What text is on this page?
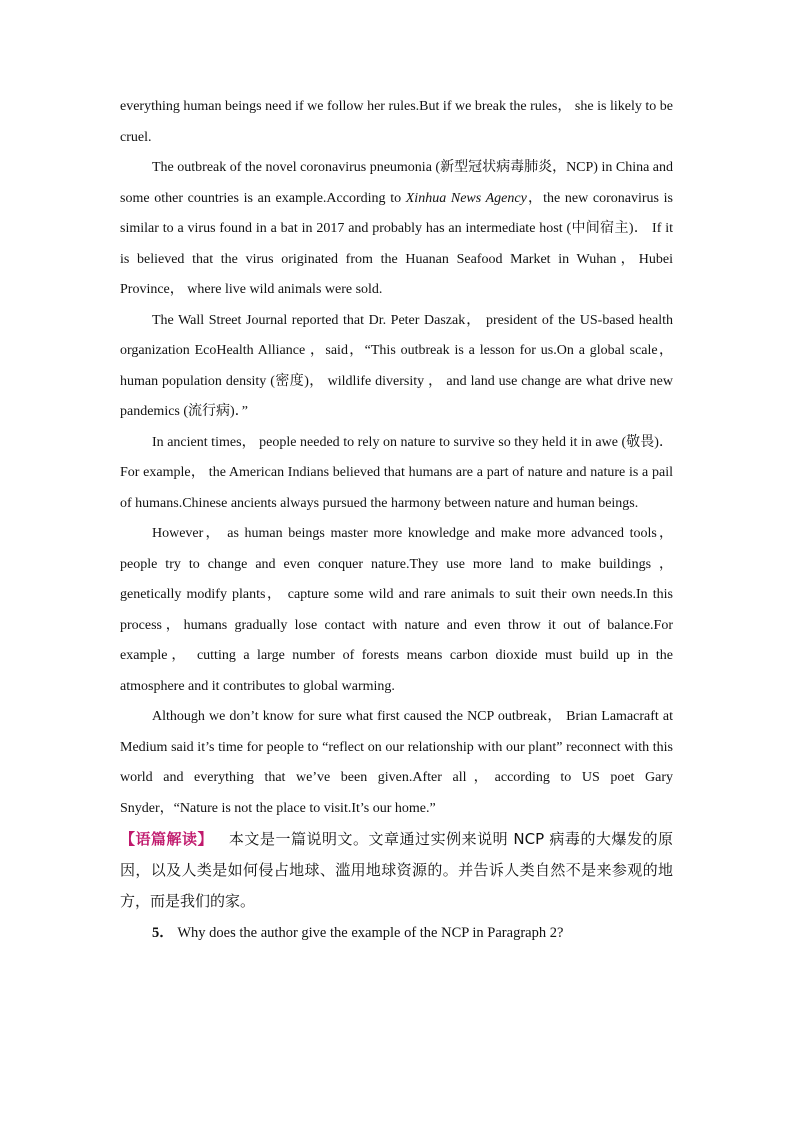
everything human beings need if we follow her rules.But if we break the rules， she is likely to be cruel.

The outbreak of the novel coronavirus pneumonia (新型冠状病毒肺炎，NCP) in China and some other countries is an example.According to Xinhua News Agency，the new coronavirus is similar to a virus found in a bat in 2017 and probably has an intermediate host (中间宿主)． If it is believed that the virus originated from the Huanan Seafood Market in Wuhan，Hubei Province， where live wild animals were sold.

The Wall Street Journal reported that Dr. Peter Daszak， president of the US-based health organization EcoHealth Alliance ，said，“This outbreak is a lesson for us.On a global scale， human population density (密度)， wildlife diversity ， and land use change are what drive new pandemics (流行病)．”

In ancient times， people needed to rely on nature to survive so they held it in awe (敬畏)． For example， the American Indians believed that humans are a part of nature and nature is a pail of humans.Chinese ancients always pursued the harmony between nature and human beings.

However， as human beings master more knowledge and make more advanced tools， people try to change and even conquer nature.They use more land to make buildings ， genetically modify plants， capture some wild and rare animals to suit their own needs.In this process，humans gradually lose contact with nature and even throw it out of balance.For example， cutting a large number of forests means carbon dioxide must build up in the atmosphere and it contributes to global warming.

Although we don’t know for sure what first caused the NCP outbreak， Brian Lamacraft at Medium said it’s time for people to “reflect on our relationship with our plant” reconnect with this world and everything that we’ve been given.After all，according to US poet Gary Snyder，“Nature is not the place to visit.It’s our home.”

【语篇解读】 本文是一篇说明文。文章通过实例来说明 NCP 病毒的大爆发的原因，以及人类是如何侵占地球、滥用地球资源的。并告诉人类自然不是来参观的地方，而是我们的家。

5． Why does the author give the example of the NCP in Paragraph 2?
